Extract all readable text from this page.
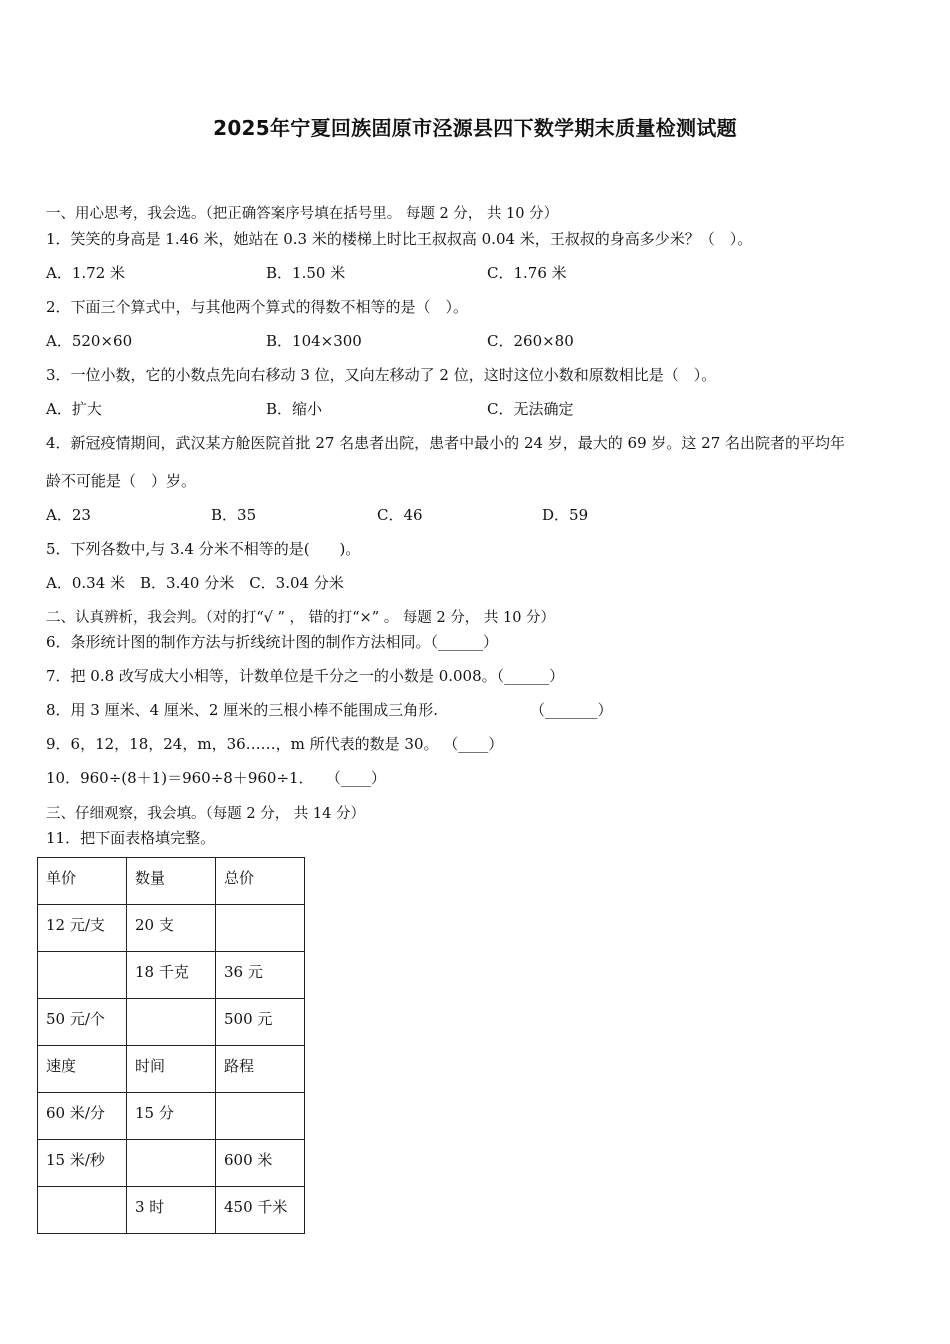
2025年宁夏回族固原市泾源县四下数学期末质量检测试题
一、用心思考，我会选。（把正确答案序号填在括号里。 每题 2 分， 共 10 分）
1．笑笑的身高是 1.46 米，她站在 0.3 米的楼梯上时比王叔叔高 0.04 米，王叔叔的身高多少米？（　）。
A．1.72 米	B．1.50 米	C．1.76 米
2．下面三个算式中，与其他两个算式的得数不相等的是（　）。
A．520×60	B．104×300	C．260×80
3．一位小数，它的小数点先向右移动 3 位，又向左移动了 2 位，这时这位小数和原数相比是（　）。
A．扩大	B．缩小	C．无法确定
4．新冠疫情期间，武汉某方舱医院首批 27 名患者出院，患者中最小的 24 岁，最大的 69 岁。这 27 名出院者的平均年
龄不可能是（　）岁。
A．23	B．35	C．46	D．59
5．下列各数中,与 3.4 分米不相等的是(　　)。
A．0.34 米　B．3.40 分米　C．3.04 分米
二、认真辨析，我会判。（对的打“√ ” ， 错的打“×” 。 每题 2 分， 共 10 分）
6．条形统计图的制作方法与折线统计图的制作方法相同。（______）
7．把 0.8 改写成大小相等，计数单位是千分之一的小数是 0.008。（______）
8．用 3 厘米、4 厘米、2 厘米的三根小棒不能围成三角形.	（_______）
9．6，12，18，24，m，36……，m 所代表的数是 30。 （____）
10．960÷(8＋1)＝960÷8＋960÷1．　 （____）
三、仔细观察，我会填。（每题 2 分， 共 14 分）
11．把下面表格填完整。
单价	数量	总价
12 元/支	20 支	
	18 千克	36 元
50 元/个		500 元
速度	时间	路程
60 米/分	15 分	
15 米/秒		600 米
	3 时	450 千米
